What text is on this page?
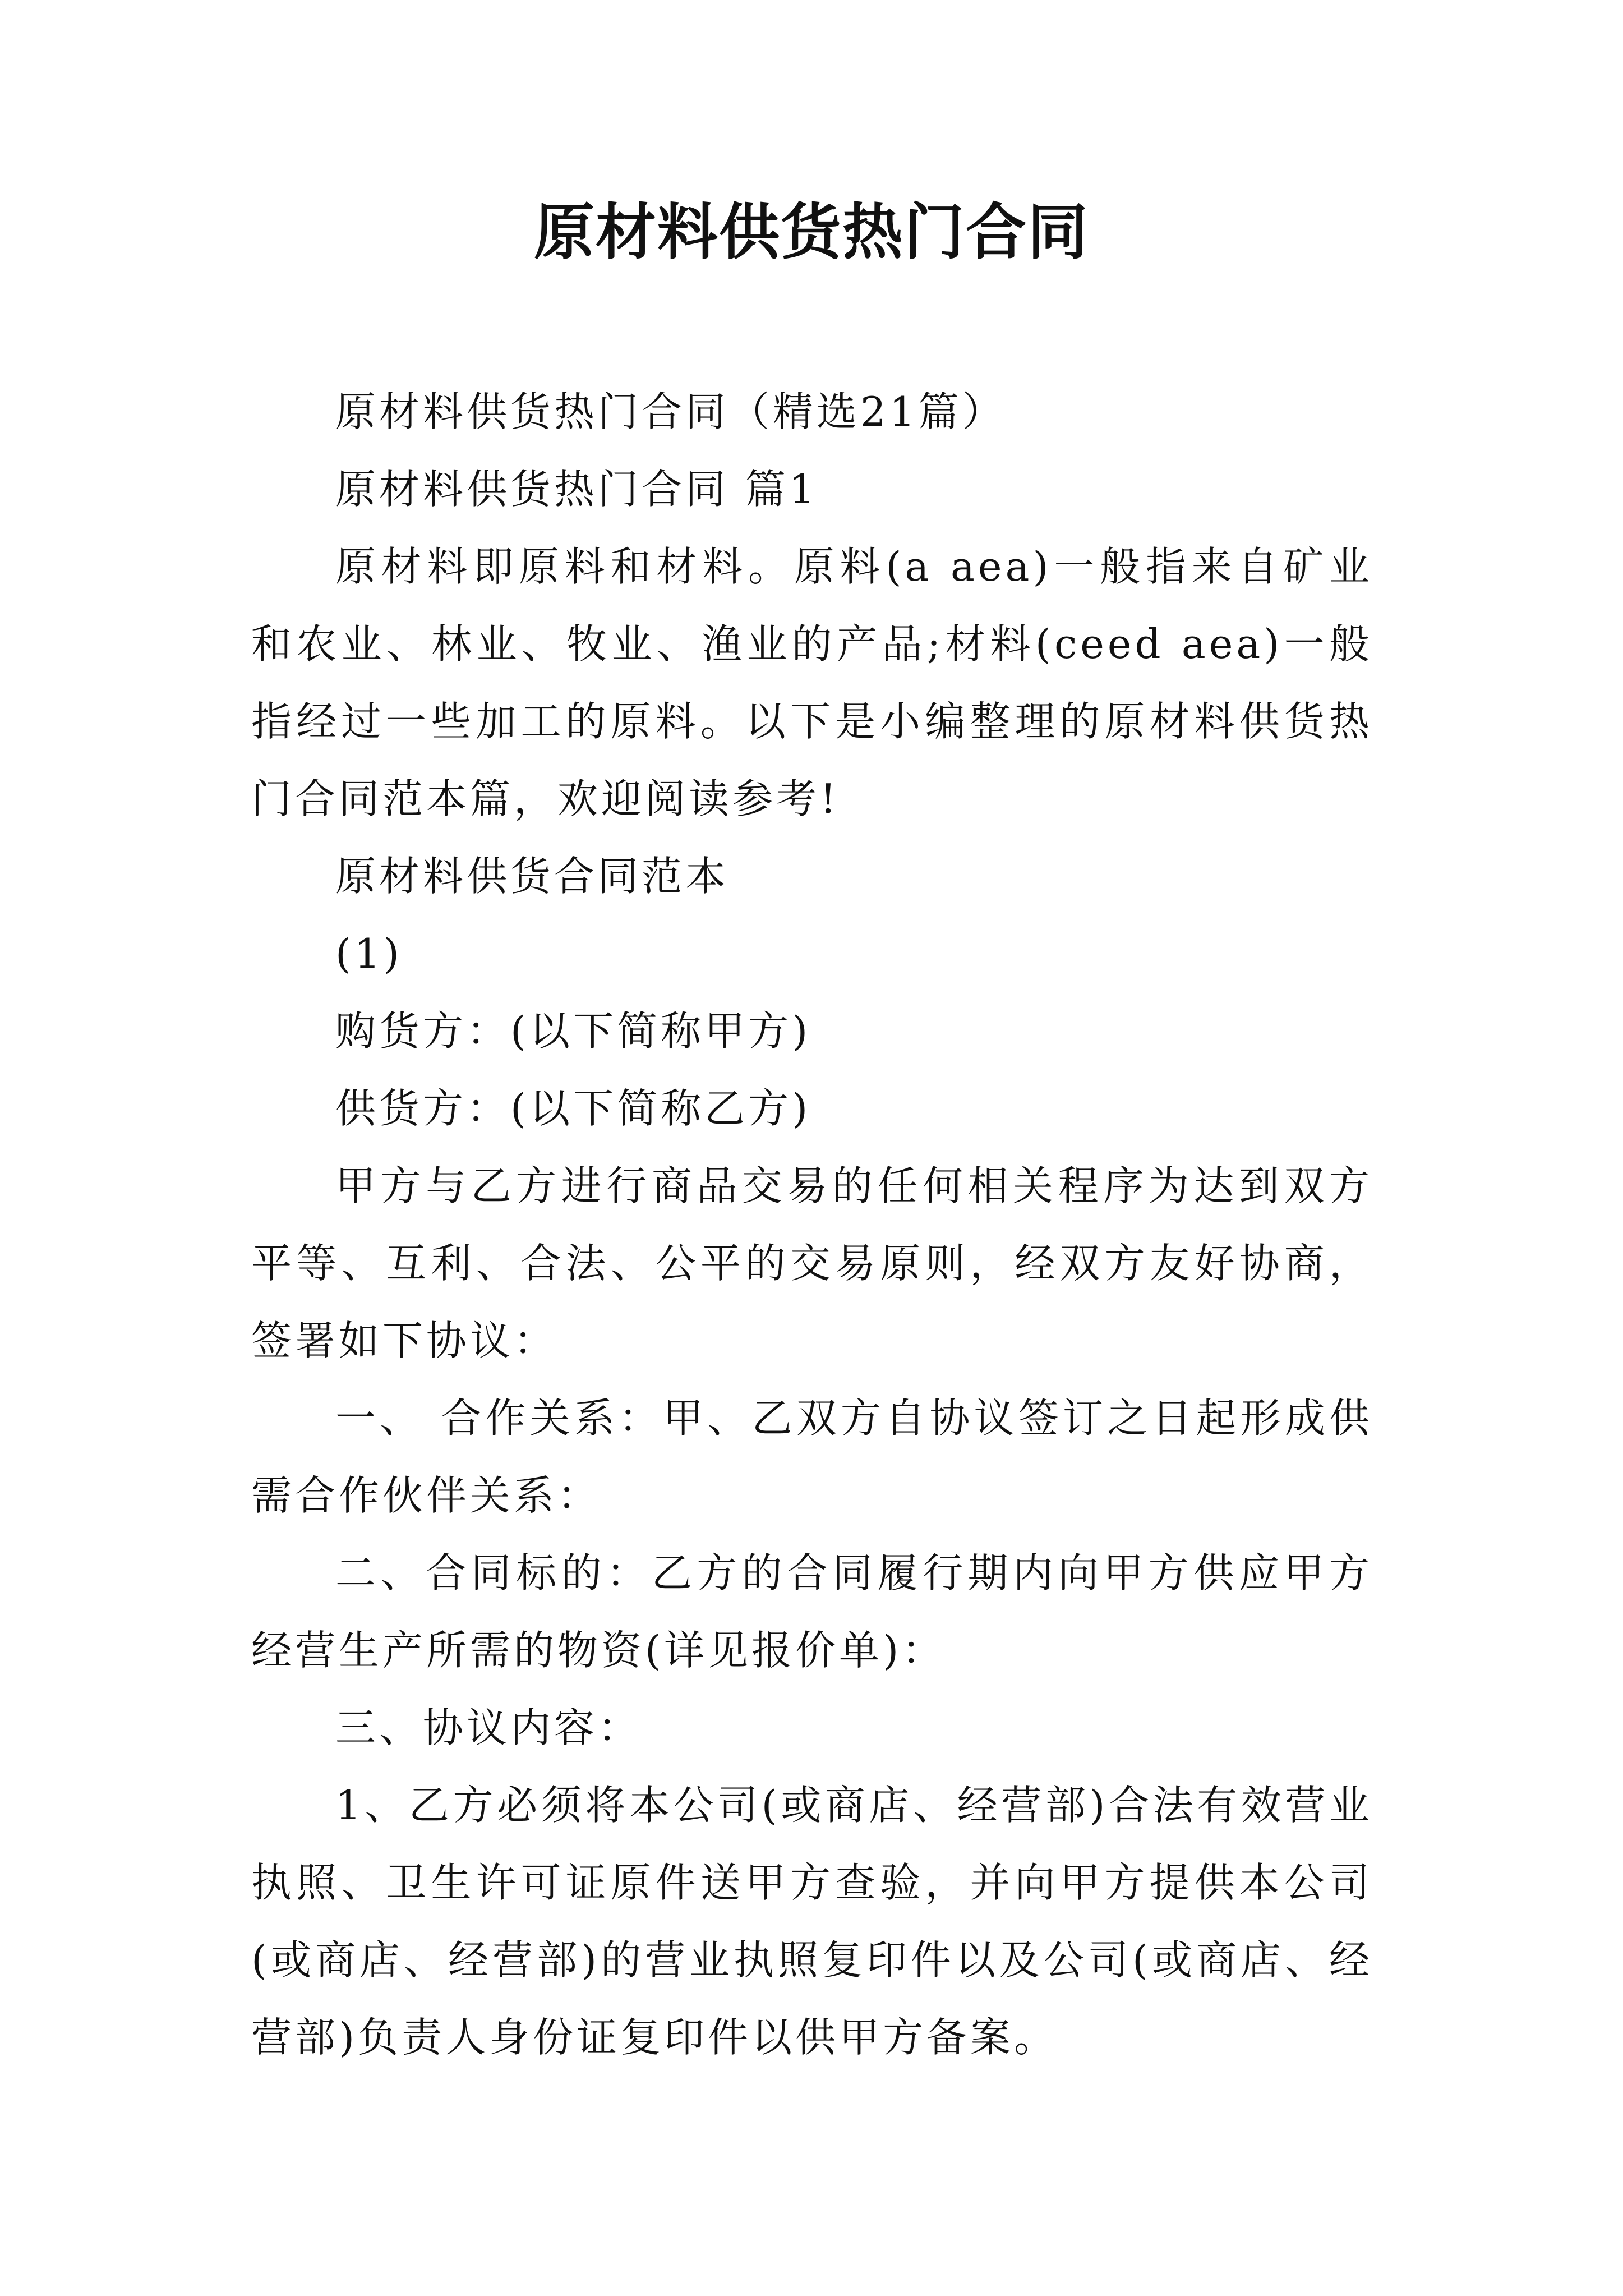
原材料供货热门合同

原材料供货热门合同（精选21篇）

原材料供货热门合同 篇1

原材料即原料和材料。原料(a aea)一般指来自矿业和农业、林业、牧业、渔业的产品;材料(ceed aea)一般指经过一些加工的原料。以下是小编整理的原材料供货热门合同范本篇，欢迎阅读参考!

原材料供货合同范本

(1)

购货方：(以下简称甲方)

供货方：(以下简称乙方)

甲方与乙方进行商品交易的任何相关程序为达到双方平等、互利、合法、公平的交易原则，经双方友好协商，签署如下协议：

一、 合作关系：甲、乙双方自协议签订之日起形成供需合作伙伴关系：

二、合同标的：乙方的合同履行期内向甲方供应甲方经营生产所需的物资(详见报价单)：

三、协议内容：

1、乙方必须将本公司(或商店、经营部)合法有效营业执照、卫生许可证原件送甲方查验，并向甲方提供本公司(或商店、经营部)的营业执照复印件以及公司(或商店、经营部)负责人身份证复印件以供甲方备案。
